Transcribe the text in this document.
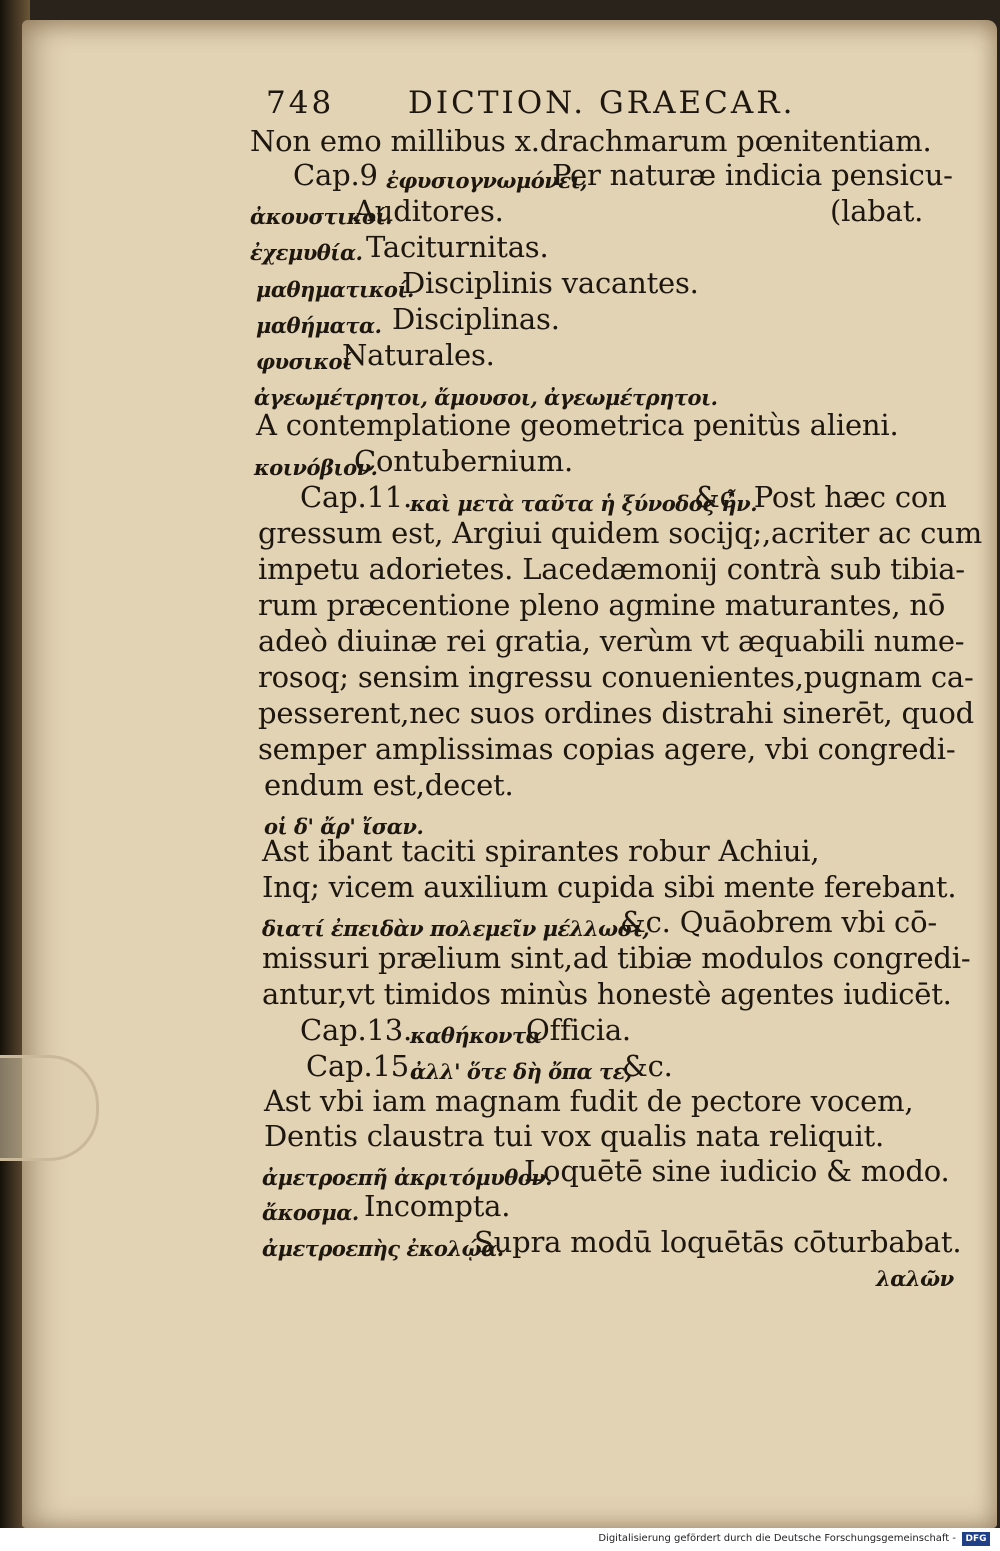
748 DICTION. GRAECAR.
Non emo millibus x.drachmarum pœnitentiam.
Cap.9 ἐφυσιογνωμόνει,
Per naturæ indicia pensicu-
ἀκουστικοί.
Auditores.	(labat.
ἐχεμυθία. Taciturnitas.
μαθηματικοί.
Disciplinis vacantes.
μαθήματα. Disciplinas.
φυσικοί
Naturales.
ἀγεωμέτρητοι, ἄμουσοι, ἀγεωμέτρητοι.
A contemplatione geometrica penitùs alieni.
κοινόβιον.
Contubernium.
Cap.11.
καὶ μετὰ ταῦτα ἡ ξύνοδος ἦν.
&c. Post hæc con
gressum est, Argiui quidem socijq;,acriter ac cum
impetu adorietes. Lacedæmonij contrà sub tibia-
rum præcentione pleno agmine maturantes, nō
adeò diuinæ rei gratia, verùm vt æquabili nume-
rosoq; sensim ingressu conuenientes,pugnam ca-
pesserent,nec suos ordines distrahi sinerēt, quod
semper amplissimas copias agere, vbi congredi-
endum est,decet.
οἱ δ' ἄρ' ἴσαν.
Ast ibant taciti spirantes robur Achiui,
Inq; vicem auxilium cupida sibi mente ferebant.
διατί ἐπειδὰν πολεμεῖν μέλλωσι,
&c. Quāobrem vbi cō-
missuri prælium sint,ad tibiæ modulos congredi-
antur,vt timidos minùs honestè agentes iudicēt.
Cap.13.
καθήκοντα
Officia.
Cap.15.
ἀλλ' ὅτε δὴ ὄπα τε,
&c.
Ast vbi iam magnam fudit de pectore vocem,
Dentis claustra tui vox qualis nata reliquit.
ἀμετροεπῆ ἀκριτόμυθον.
Loquētē sine iudicio & modo.
ἄκοσμα. Incompta.
ἀμετροεπὴς ἐκολῴα.
Supra modū loquētās cōturbabat.
λαλῶν
Digitalisierung gefördert durch die Deutsche Forschungsgemeinschaft -	DFG
